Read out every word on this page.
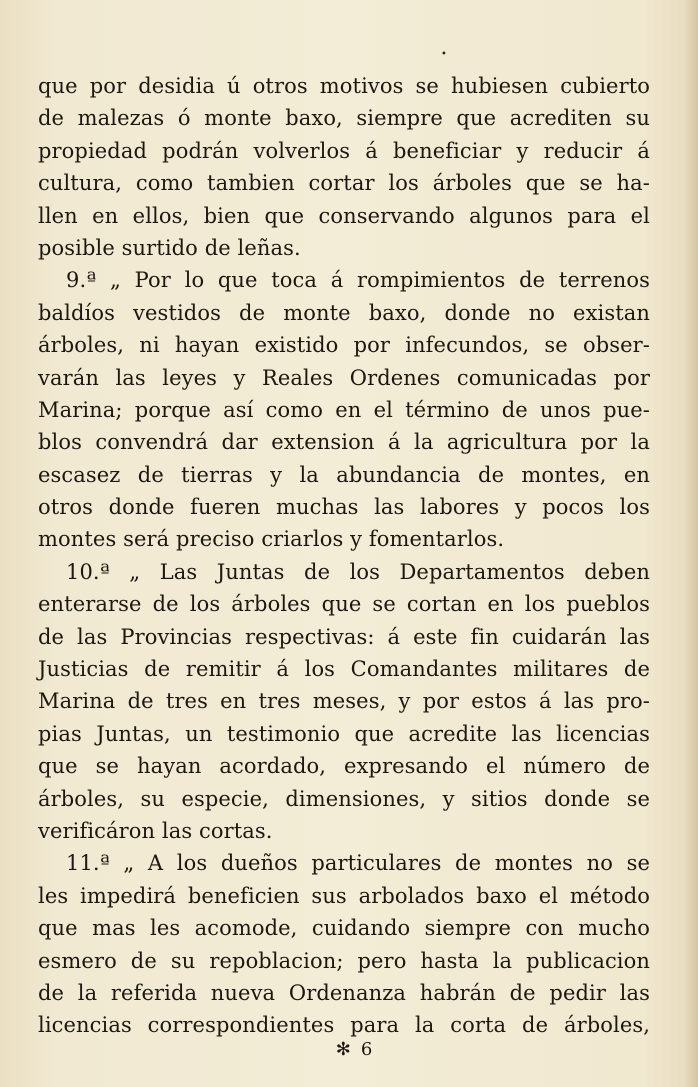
•
que por desidia ú otros motivos se hubiesen cubierto
de malezas ó monte baxo, siempre que acrediten su
propiedad podrán volverlos á beneficiar y reducir á
cultura, como tambien cortar los árboles que se ha-
llen en ellos, bien que conservando algunos para el
posible surtido de leñas.
9.ª „ Por lo que toca á rompimientos de terrenos
baldíos vestidos de monte baxo, donde no existan
árboles, ni hayan existido por infecundos, se obser-
varán las leyes y Reales Ordenes comunicadas por
Marina; porque así como en el término de unos pue-
blos convendrá dar extension á la agricultura por la
escasez de tierras y la abundancia de montes, en
otros donde fueren muchas las labores y pocos los
montes será preciso criarlos y fomentarlos.
10.ª „ Las Juntas de los Departamentos deben
enterarse de los árboles que se cortan en los pueblos
de las Provincias respectivas: á este fin cuidarán las
Justicias de remitir á los Comandantes militares de
Marina de tres en tres meses, y por estos á las pro-
pias Juntas, un testimonio que acredite las licencias
que se hayan acordado, expresando el número de
árboles, su especie, dimensiones, y sitios donde se
verificáron las cortas.
11.ª „ A los dueños particulares de montes no se
les impedirá beneficien sus arbolados baxo el método
que mas les acomode, cuidando siempre con mucho
esmero de su repoblacion; pero hasta la publicacion
de la referida nueva Ordenanza habrán de pedir las
licencias correspondientes para la corta de árboles,
✻ 6
